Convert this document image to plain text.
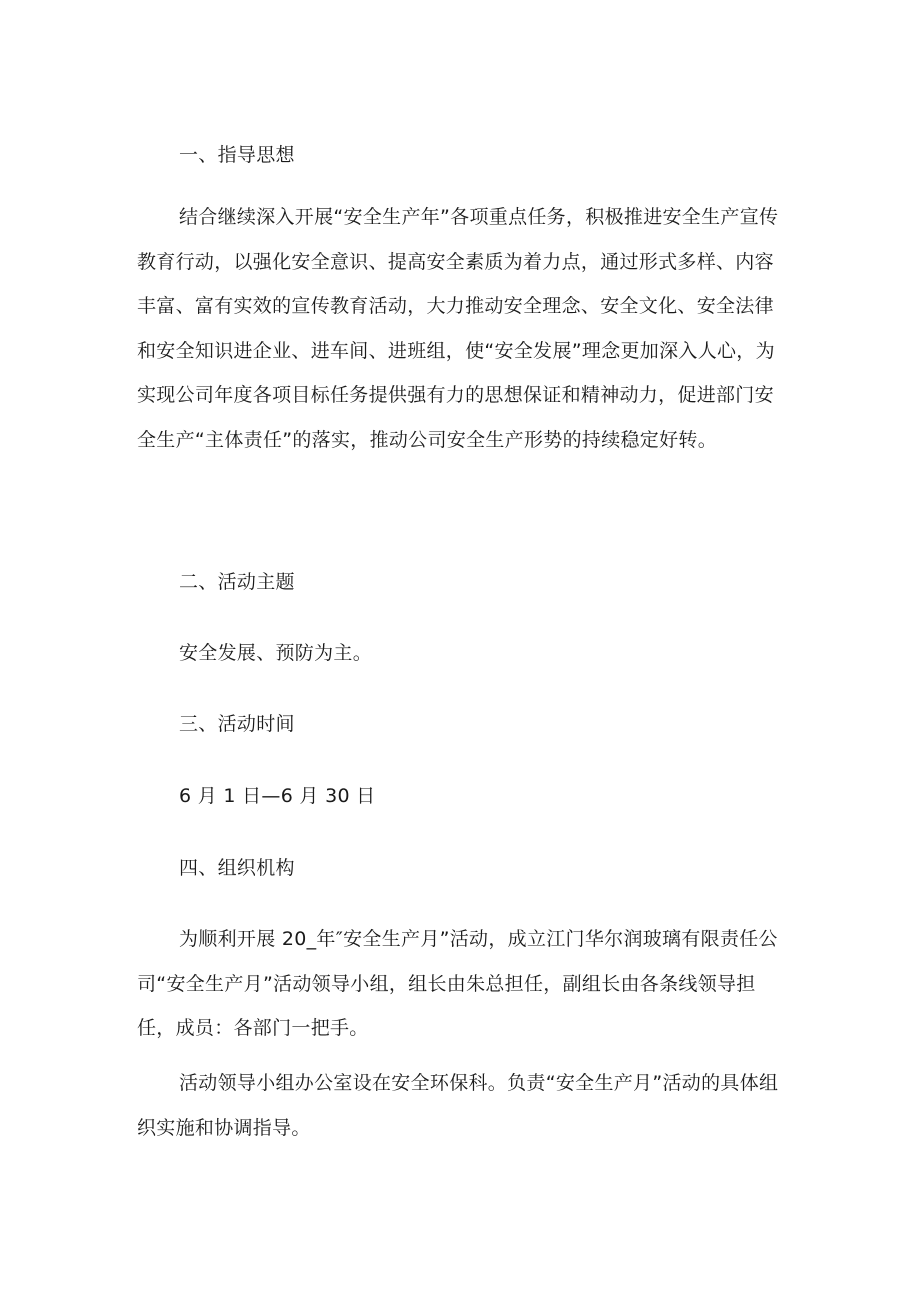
一、指导思想

结合继续深入开展“安全生产年”各项重点任务，积极推进安全生产宣传教育行动，以强化安全意识、提高安全素质为着力点，通过形式多样、内容丰富、富有实效的宣传教育活动，大力推动安全理念、安全文化、安全法律和安全知识进企业、进车间、进班组，使“安全发展”理念更加深入人心，为实现公司年度各项目标任务提供强有力的思想保证和精神动力，促进部门安全生产“主体责任”的落实，推动公司安全生产形势的持续稳定好转。

二、活动主题

安全发展、预防为主。

三、活动时间

6 月 1 日—6 月 30 日

四、组织机构

为顺利开展 20_年″安全生产月”活动，成立江门华尔润玻璃有限责任公司“安全生产月”活动领导小组，组长由朱总担任，副组长由各条线领导担任，成员：各部门一把手。

活动领导小组办公室设在安全环保科。负责“安全生产月”活动的具体组织实施和协调指导。
